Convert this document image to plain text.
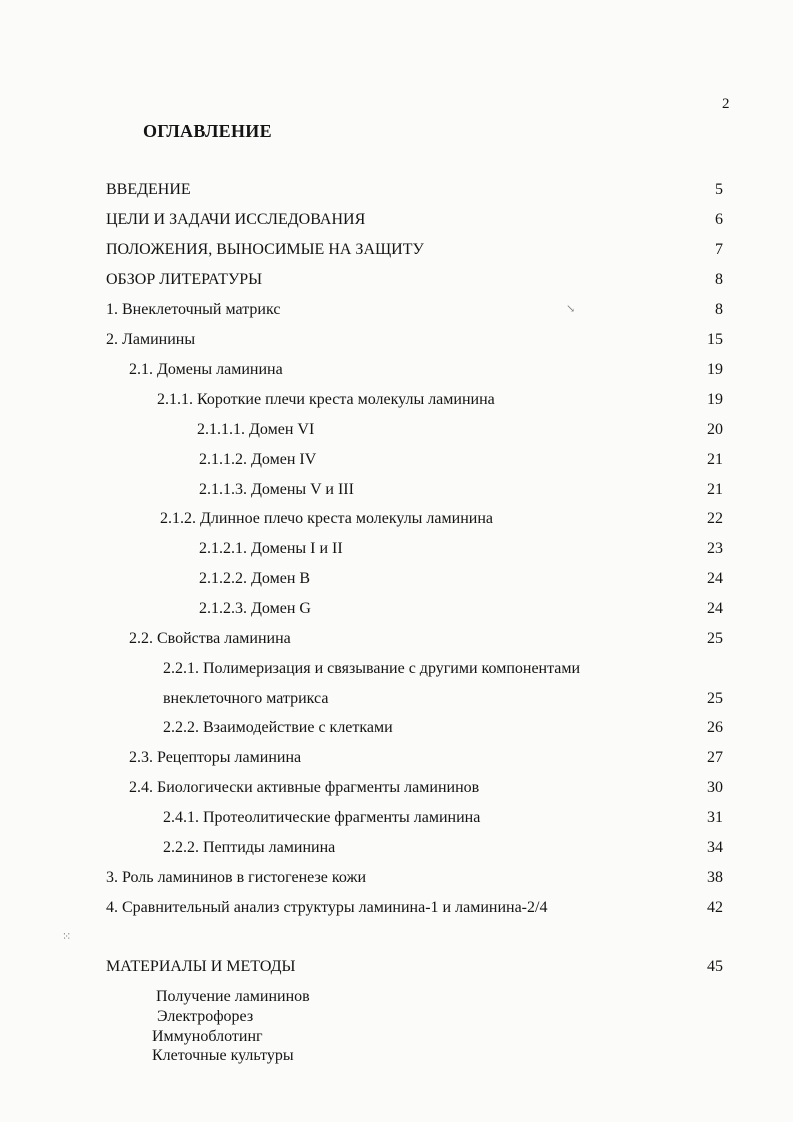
2
ОГЛАВЛЕНИЕ
ВВЕДЕНИЕ	5
ЦЕЛИ И ЗАДАЧИ ИССЛЕДОВАНИЯ	6
ПОЛОЖЕНИЯ, ВЫНОСИМЫЕ НА ЗАЩИТУ	7
ОБЗОР ЛИТЕРАТУРЫ	8
1. Внеклеточный матрикс	8
2. Ламинины	15
2.1. Домены ламинина	19
2.1.1. Короткие плечи креста молекулы ламинина	19
2.1.1.1. Домен VI	20
2.1.1.2. Домен IV	21
2.1.1.3. Домены V и III	21
2.1.2. Длинное плечо креста молекулы ламинина	22
2.1.2.1. Домены I и II	23
2.1.2.2. Домен В	24
2.1.2.3. Домен G	24
2.2. Свойства ламинина	25
2.2.1. Полимеризация и связывание с другими компонентами
внеклеточного матрикса	25
2.2.2. Взаимодействие с клетками	26
2.3. Рецепторы ламинина	27
2.4. Биологически активные фрагменты ламининов	30
2.4.1. Протеолитические фрагменты ламинина	31
2.2.2. Пептиды ламинина	34
3. Роль ламининов в гистогенезе кожи	38
4. Сравнительный анализ структуры ламинина-1 и ламинина-2/4	42
МАТЕРИАЛЫ И МЕТОДЫ	45
Получение ламининов
Электрофорез
Иммуноблотинг
Клеточные культуры
↘
⁙
